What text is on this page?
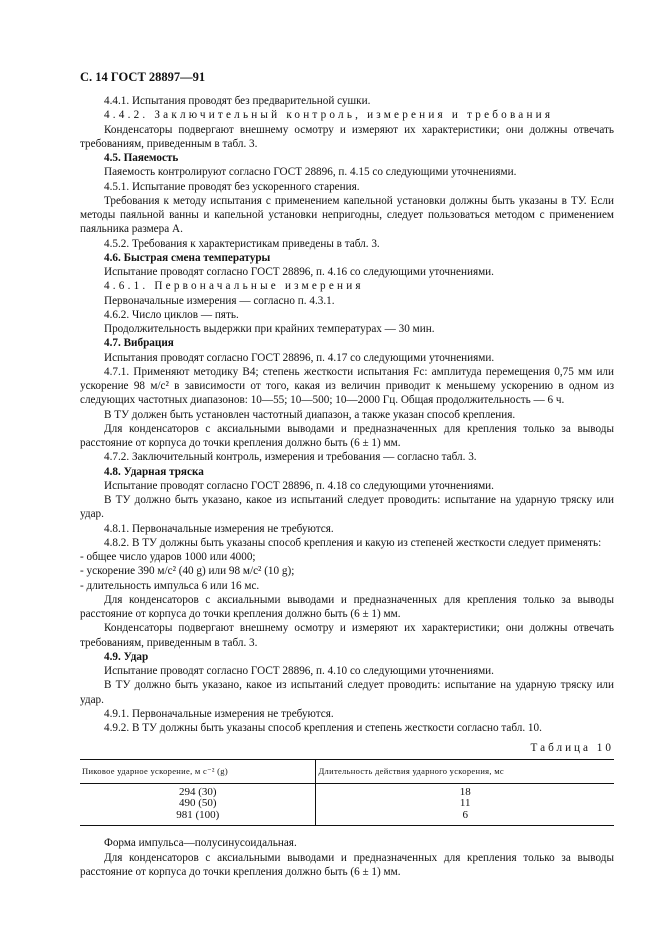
С. 14 ГОСТ 28897—91

4.4.1. Испытания проводят без предварительной сушки.

4.4.2. Заключительный контроль, измерения и требования

Конденсаторы подвергают внешнему осмотру и измеряют их характеристики; они должны отвечать требованиям, приведенным в табл. 3.

4.5. Паяемость

Паяемость контролируют согласно ГОСТ 28896, п. 4.15 со следующими уточнениями.

4.5.1. Испытание проводят без ускоренного старения.

Требования к методу испытания с применением капельной установки должны быть указаны в ТУ. Если методы паяльной ванны и капельной установки непригодны, следует пользоваться методом с применением паяльника размера А.

4.5.2. Требования к характеристикам приведены в табл. 3.

4.6. Быстрая смена температуры

Испытание проводят согласно ГОСТ 28896, п. 4.16 со следующими уточнениями.

4.6.1. Первоначальные измерения

Первоначальные измерения — согласно п. 4.3.1.

4.6.2. Число циклов — пять.

Продолжительность выдержки при крайних температурах — 30 мин.

4.7. Вибрация

Испытания проводят согласно ГОСТ 28896, п. 4.17 со следующими уточнениями.

4.7.1. Применяют методику В4; степень жесткости испытания Fc: амплитуда перемещения 0,75 мм или ускорение 98 м/с² в зависимости от того, какая из величин приводит к меньшему ускорению в одном из следующих частотных диапазонов: 10—55; 10—500; 10—2000 Гц. Общая продолжительность — 6 ч.

В ТУ должен быть установлен частотный диапазон, а также указан способ крепления.

Для конденсаторов с аксиальными выводами и предназначенных для крепления только за выводы расстояние от корпуса до точки крепления должно быть (6 ± 1) мм.

4.7.2. Заключительный контроль, измерения и требования — согласно табл. 3.

4.8. Ударная тряска

Испытание проводят согласно ГОСТ 28896, п. 4.18 со следующими уточнениями.

В ТУ должно быть указано, какое из испытаний следует проводить: испытание на ударную тряску или удар.

4.8.1. Первоначальные измерения не требуются.

4.8.2. В ТУ должны быть указаны способ крепления и какую из степеней жесткости следует применять:

- общее число ударов 1000 или 4000;

- ускорение 390 м/с² (40 g) или 98 м/с² (10 g);

- длительность импульса 6 или 16 мс.

Для конденсаторов с аксиальными выводами и предназначенных для крепления только за выводы расстояние от корпуса до точки крепления должно быть (6 ± 1) мм.

Конденсаторы подвергают внешнему осмотру и измеряют их характеристики; они должны отвечать требованиям, приведенным в табл. 3.

4.9. Удар

Испытание проводят согласно ГОСТ 28896, п. 4.10 со следующими уточнениями.

В ТУ должно быть указано, какое из испытаний следует проводить: испытание на ударную тряску или удар.

4.9.1. Первоначальные измерения не требуются.

4.9.2. В ТУ должны быть указаны способ крепления и степень жесткости согласно табл. 10.

Таблица 10

Пиковое ударное ускорение, м с⁻² (g)	Длительность действия ударного ускорения, мс
294 (30)	18
490 (50)	11
981 (100)	6

Форма импульса—полусинусоидальная.

Для конденсаторов с аксиальными выводами и предназначенных для крепления только за выводы расстояние от корпуса до точки крепления должно быть (6 ± 1) мм.
